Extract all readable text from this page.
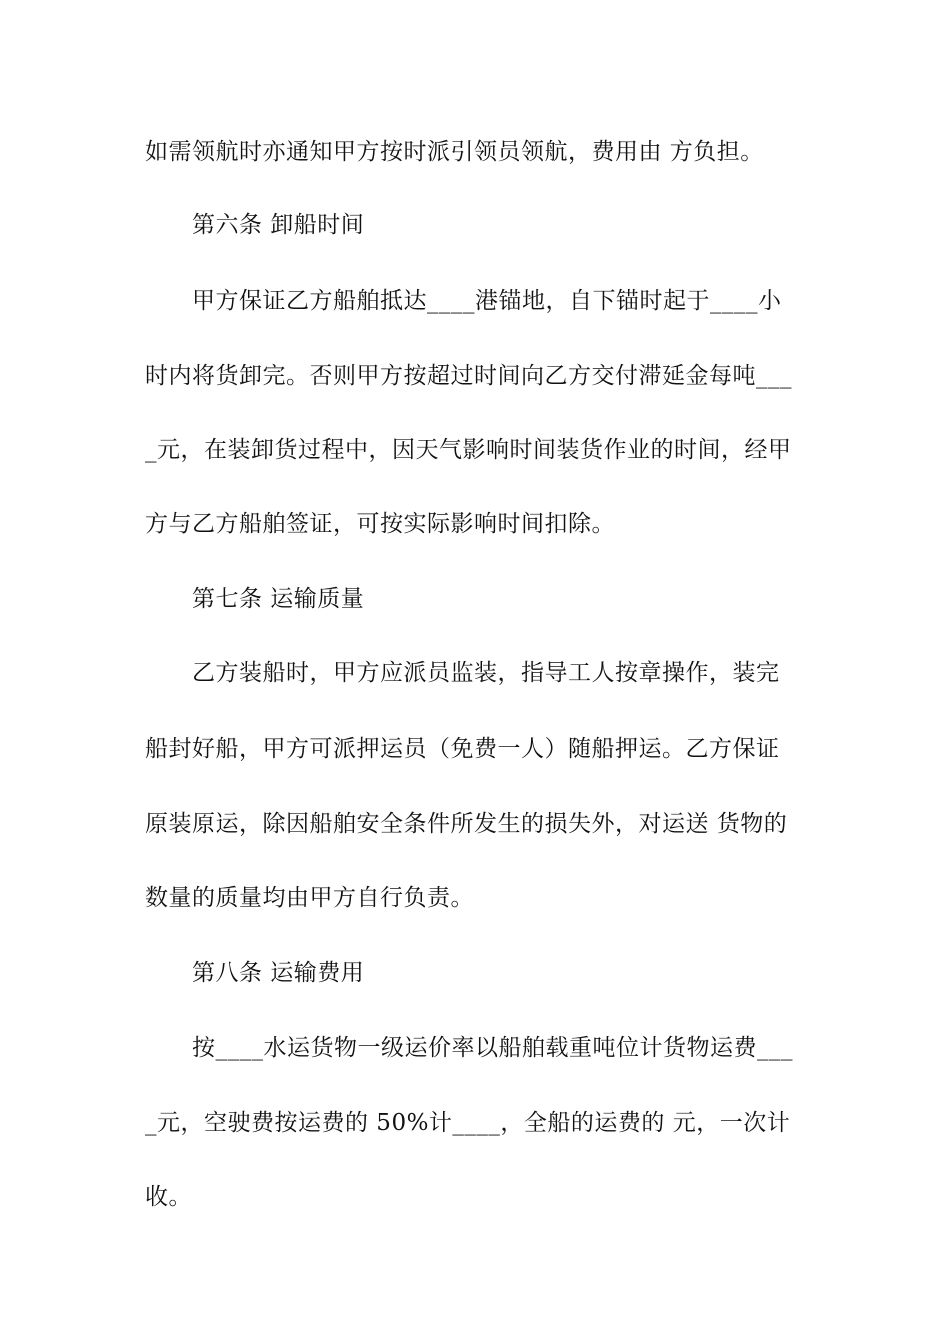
如需领航时亦通知甲方按时派引领员领航，费用由 方负担。
第六条 卸船时间
甲方保证乙方船舶抵达____港锚地，自下锚时起于____小
时内将货卸完。否则甲方按超过时间向乙方交付滞延金每吨___
_元，在装卸货过程中，因天气影响时间装货作业的时间，经甲
方与乙方船舶签证，可按实际影响时间扣除。
第七条 运输质量
乙方装船时，甲方应派员监装，指导工人按章操作，装完
船封好船，甲方可派押运员（免费一人）随船押运。乙方保证
原装原运，除因船舶安全条件所发生的损失外，对运送 货物的
数量的质量均由甲方自行负责。
第八条 运输费用
按____水运货物一级运价率以船舶载重吨位计货物运费___
_元，空驶费按运费的 50%计____，全船的运费的 元，一次计
收。
